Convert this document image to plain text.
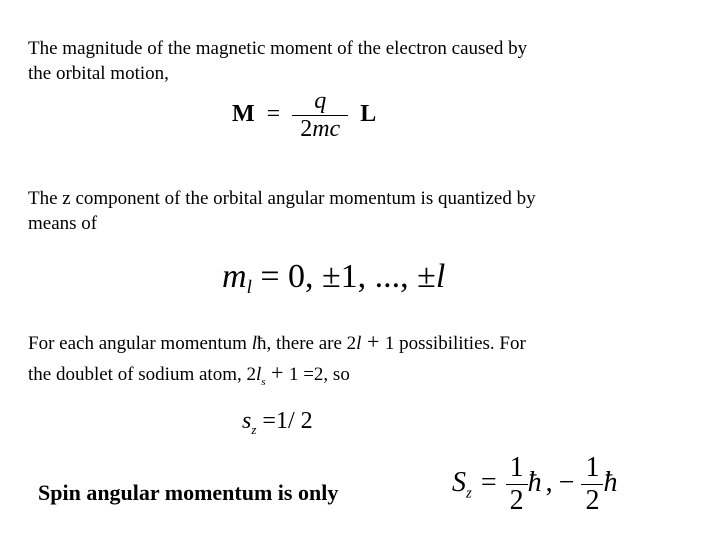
The magnitude of the magnetic moment of the electron caused by
the orbital motion,
$M = \frac{q}{2mc}$ L
The z component of the orbital angular momentum is quantized by
means of
$m_l = 0$, ±1, ..., ±l
For each angular momentum lħ, there are 2l + 1 possibilities. For
the doublet of sodium atom, $2l_s + 1 =2$, so
$s_z =1/$ 2
Spin angular momentum is only	$S_z = \frac{1}{2}$ ħ , − $\frac{1}{2}$ ħ
